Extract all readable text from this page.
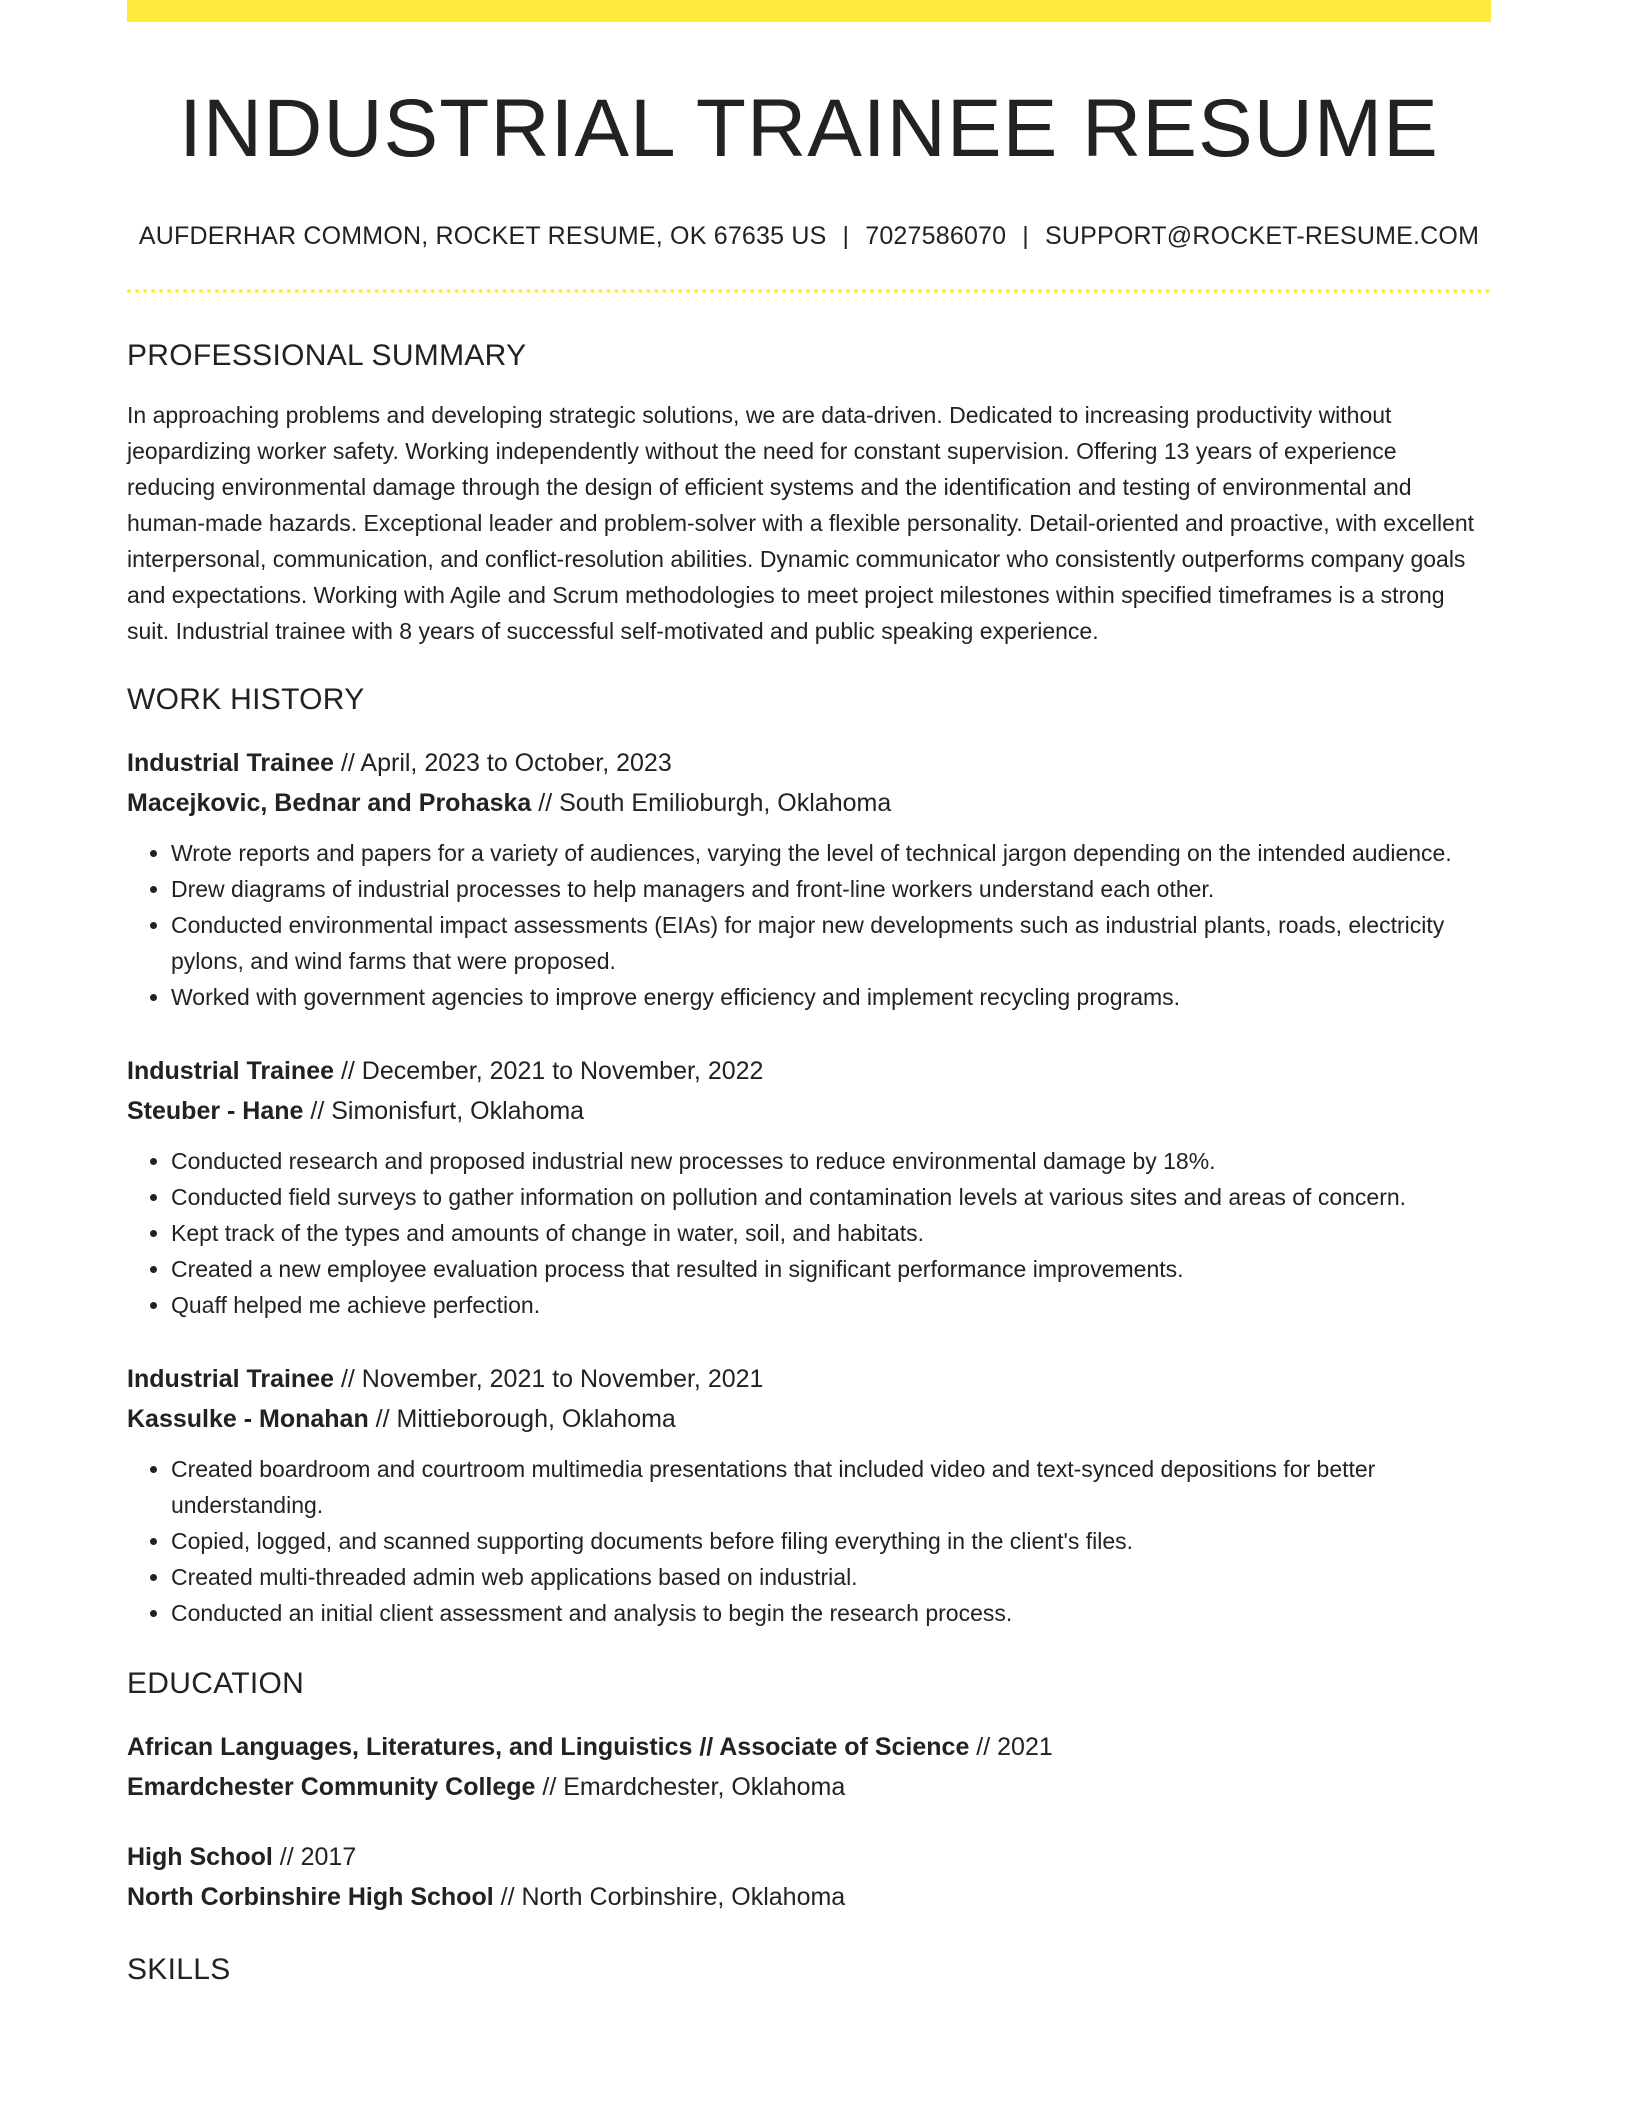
INDUSTRIAL TRAINEE RESUME
AUFDERHAR COMMON, ROCKET RESUME, OK 67635 US | 7027586070 | SUPPORT@ROCKET-RESUME.COM
PROFESSIONAL SUMMARY

In approaching problems and developing strategic solutions, we are data-driven. Dedicated to increasing productivity without jeopardizing worker safety. Working independently without the need for constant supervision. Offering 13 years of experience reducing environmental damage through the design of efficient systems and the identification and testing of environmental and human-made hazards. Exceptional leader and problem-solver with a flexible personality. Detail-oriented and proactive, with excellent interpersonal, communication, and conflict-resolution abilities. Dynamic communicator who consistently outperforms company goals and expectations. Working with Agile and Scrum methodologies to meet project milestones within specified timeframes is a strong suit. Industrial trainee with 8 years of successful self-motivated and public speaking experience.

WORK HISTORY
Industrial Trainee // April, 2023 to October, 2023
Macejkovic, Bednar and Prohaska // South Emilioburgh, Oklahoma
• Wrote reports and papers for a variety of audiences, varying the level of technical jargon depending on the intended audience.
• Drew diagrams of industrial processes to help managers and front-line workers understand each other.
• Conducted environmental impact assessments (EIAs) for major new developments such as industrial plants, roads, electricity pylons, and wind farms that were proposed.
• Worked with government agencies to improve energy efficiency and implement recycling programs.
Industrial Trainee // December, 2021 to November, 2022
Steuber - Hane // Simonisfurt, Oklahoma
• Conducted research and proposed industrial new processes to reduce environmental damage by 18%.
• Conducted field surveys to gather information on pollution and contamination levels at various sites and areas of concern.
• Kept track of the types and amounts of change in water, soil, and habitats.
• Created a new employee evaluation process that resulted in significant performance improvements.
• Quaff helped me achieve perfection.
Industrial Trainee // November, 2021 to November, 2021
Kassulke - Monahan // Mittieborough, Oklahoma
• Created boardroom and courtroom multimedia presentations that included video and text-synced depositions for better understanding.
• Copied, logged, and scanned supporting documents before filing everything in the client's files.
• Created multi-threaded admin web applications based on industrial.
• Conducted an initial client assessment and analysis to begin the research process.
EDUCATION
African Languages, Literatures, and Linguistics // Associate of Science // 2021
Emardchester Community College // Emardchester, Oklahoma
High School // 2017
North Corbinshire High School // North Corbinshire, Oklahoma
SKILLS
